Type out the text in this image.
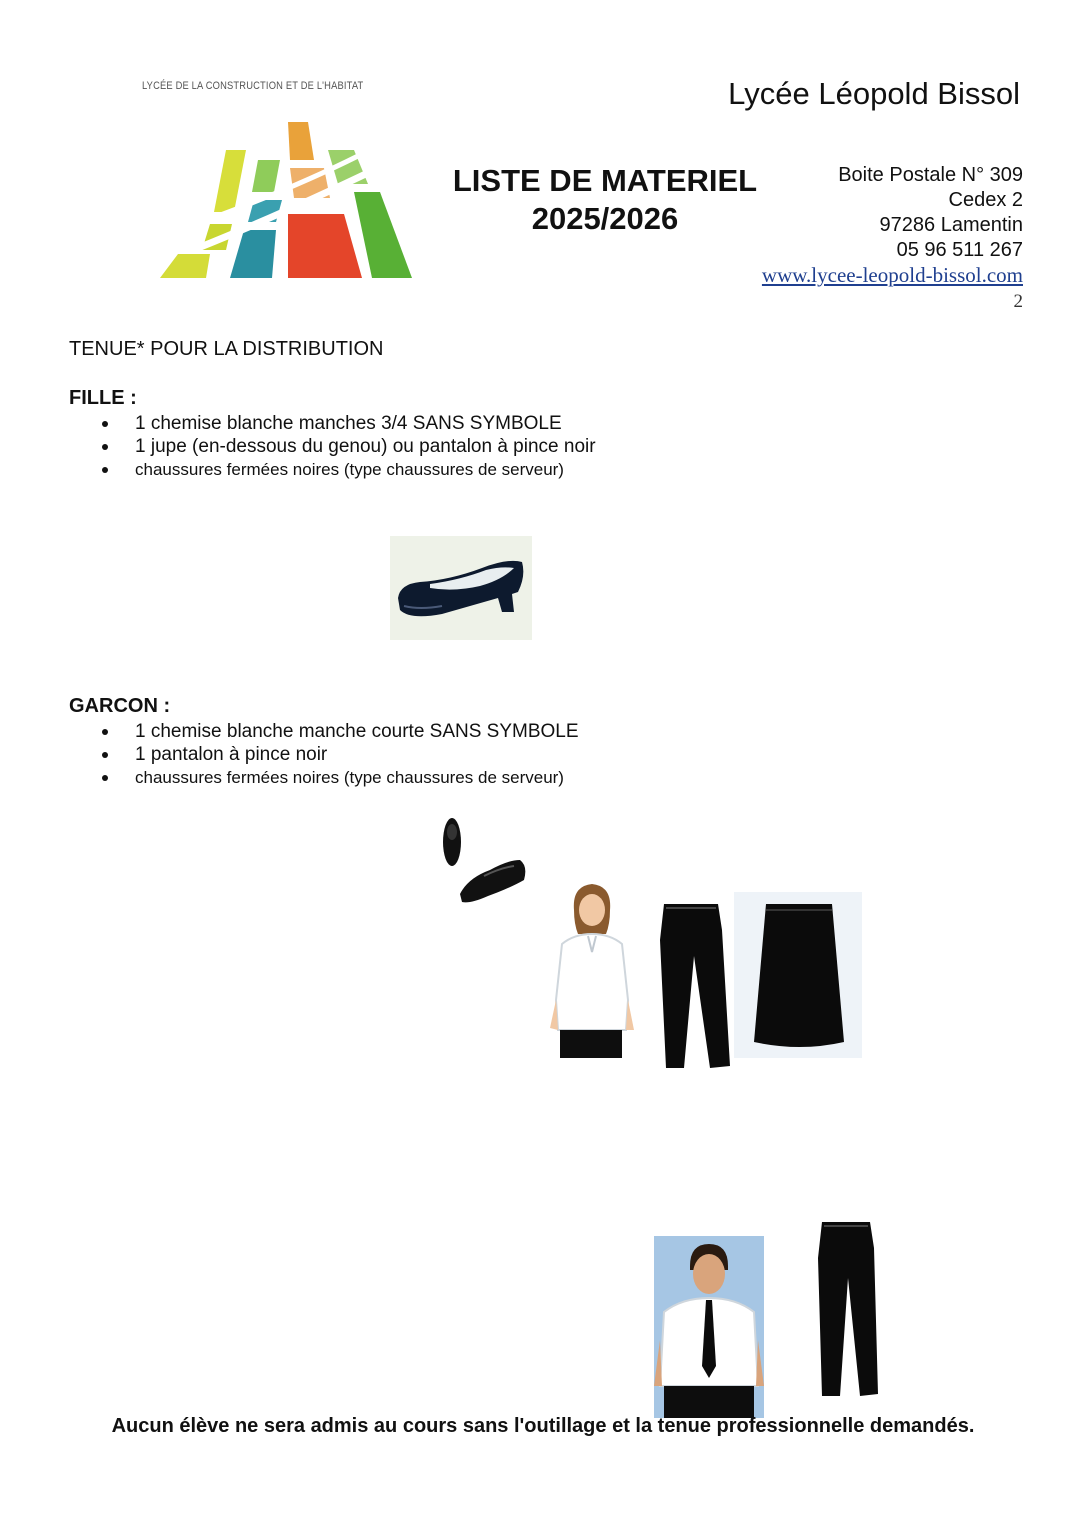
LYCÉE DE LA CONSTRUCTION ET DE L'HABITAT	Lycée Léopold Bissol
LISTE DE MATERIEL
2025/2026
Boite Postale N° 309
Cedex 2
97286 Lamentin
05 96 511 267
www.lycee-leopold-bissol.com
2
TENUE* POUR LA DISTRIBUTION
FILLE :
1 chemise blanche manches 3/4 SANS SYMBOLE
1 jupe (en-dessous du genou) ou pantalon à pince noir
chaussures fermées noires (type chaussures de serveur)
GARCON :
1 chemise blanche manche courte SANS SYMBOLE
1 pantalon à pince noir
chaussures fermées noires (type chaussures de serveur)
Aucun élève ne sera admis au cours sans l'outillage et la tenue professionnelle demandés.
